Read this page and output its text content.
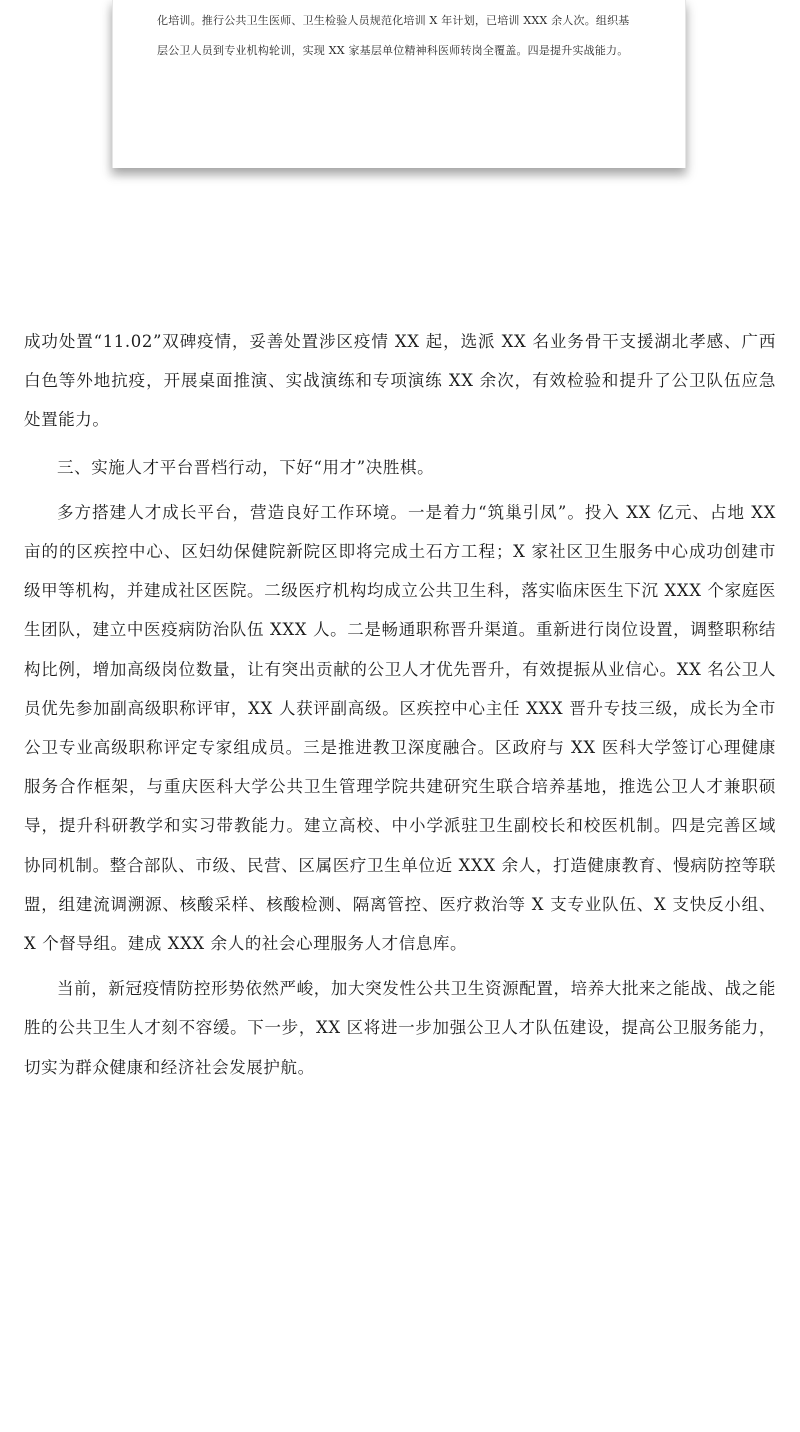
化培训。推行公共卫生医师、卫生检验人员规范化培训 X 年计划，已培训 XXX 余人次。组织基
层公卫人员到专业机构轮训，实现 XX 家基层单位精神科医师转岗全覆盖。四是提升实战能力。

成功处置“11.02”双碑疫情，妥善处置涉区疫情 XX 起，选派 XX 名业务骨干支援湖北孝感、广西白色等外地抗疫，开展桌面推演、实战演练和专项演练 XX 余次，有效检验和提升了公卫队伍应急处置能力。

三、实施人才平台晋档行动，下好“用才”决胜棋。

多方搭建人才成长平台，营造良好工作环境。一是着力“筑巢引凤”。投入 XX 亿元、占地 XX 亩的的区疾控中心、区妇幼保健院新院区即将完成土石方工程；X 家社区卫生服务中心成功创建市级甲等机构，并建成社区医院。二级医疗机构均成立公共卫生科，落实临床医生下沉 XXX 个家庭医生团队，建立中医疫病防治队伍 XXX 人。二是畅通职称晋升渠道。重新进行岗位设置，调整职称结构比例，增加高级岗位数量，让有突出贡献的公卫人才优先晋升，有效提振从业信心。XX 名公卫人员优先参加副高级职称评审，XX 人获评副高级。区疾控中心主任 XXX 晋升专技三级，成长为全市公卫专业高级职称评定专家组成员。三是推进教卫深度融合。区政府与 XX 医科大学签订心理健康服务合作框架，与重庆医科大学公共卫生管理学院共建研究生联合培养基地，推选公卫人才兼职硕导，提升科研教学和实习带教能力。建立高校、中小学派驻卫生副校长和校医机制。四是完善区域协同机制。整合部队、市级、民营、区属医疗卫生单位近 XXX 余人，打造健康教育、慢病防控等联盟，组建流调溯源、核酸采样、核酸检测、隔离管控、医疗救治等 X 支专业队伍、X 支快反小组、X 个督导组。建成 XXX 余人的社会心理服务人才信息库。

当前，新冠疫情防控形势依然严峻，加大突发性公共卫生资源配置，培养大批来之能战、战之能胜的公共卫生人才刻不容缓。下一步，XX 区将进一步加强公卫人才队伍建设，提高公卫服务能力，切实为群众健康和经济社会发展护航。
